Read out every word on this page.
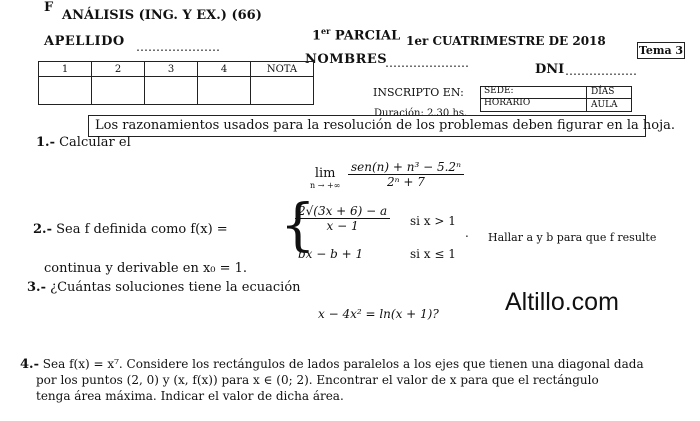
F
ANÁLISIS (ING. Y EX.) (66)
1er PARCIAL 1er CUATRIMESTRE DE 2018
Tema 3
APELLIDO …………………
NOMBRES
…………………	DNI ………………
1	2	3	4	NOTA

INSCRIPTO EN: SEDE:	DÍAS
HORARIO	AULA
Duración: 2.30 hs.
Los razonamientos usados para la resolución de los problemas deben figurar en la hoja.
1.- Calcular el
lim
n → +∞
sen(n) + n³ − 5.2ⁿ
2ⁿ + 7
2.- Sea f definida como f(x) = {
$\frac{2√(3x + 6) - a}{x - 1}$ si x > 1
bx − b + 1	si x ≤ 1
. Hallar a y b para que f resulte
continua y derivable en x₀ = 1.
3.- ¿Cuántas soluciones tiene la ecuación
x − 4x² = ln(x + 1)?	Altillo.com
4.- Sea f(x) = x⁷. Considere los rectángulos de lados paralelos a los ejes que tienen una diagonal dada
por los puntos (2, 0) y (x, f(x)) para x ∈ (0; 2). Encontrar el valor de x para que el rectángulo
tenga área máxima. Indicar el valor de dicha área.
